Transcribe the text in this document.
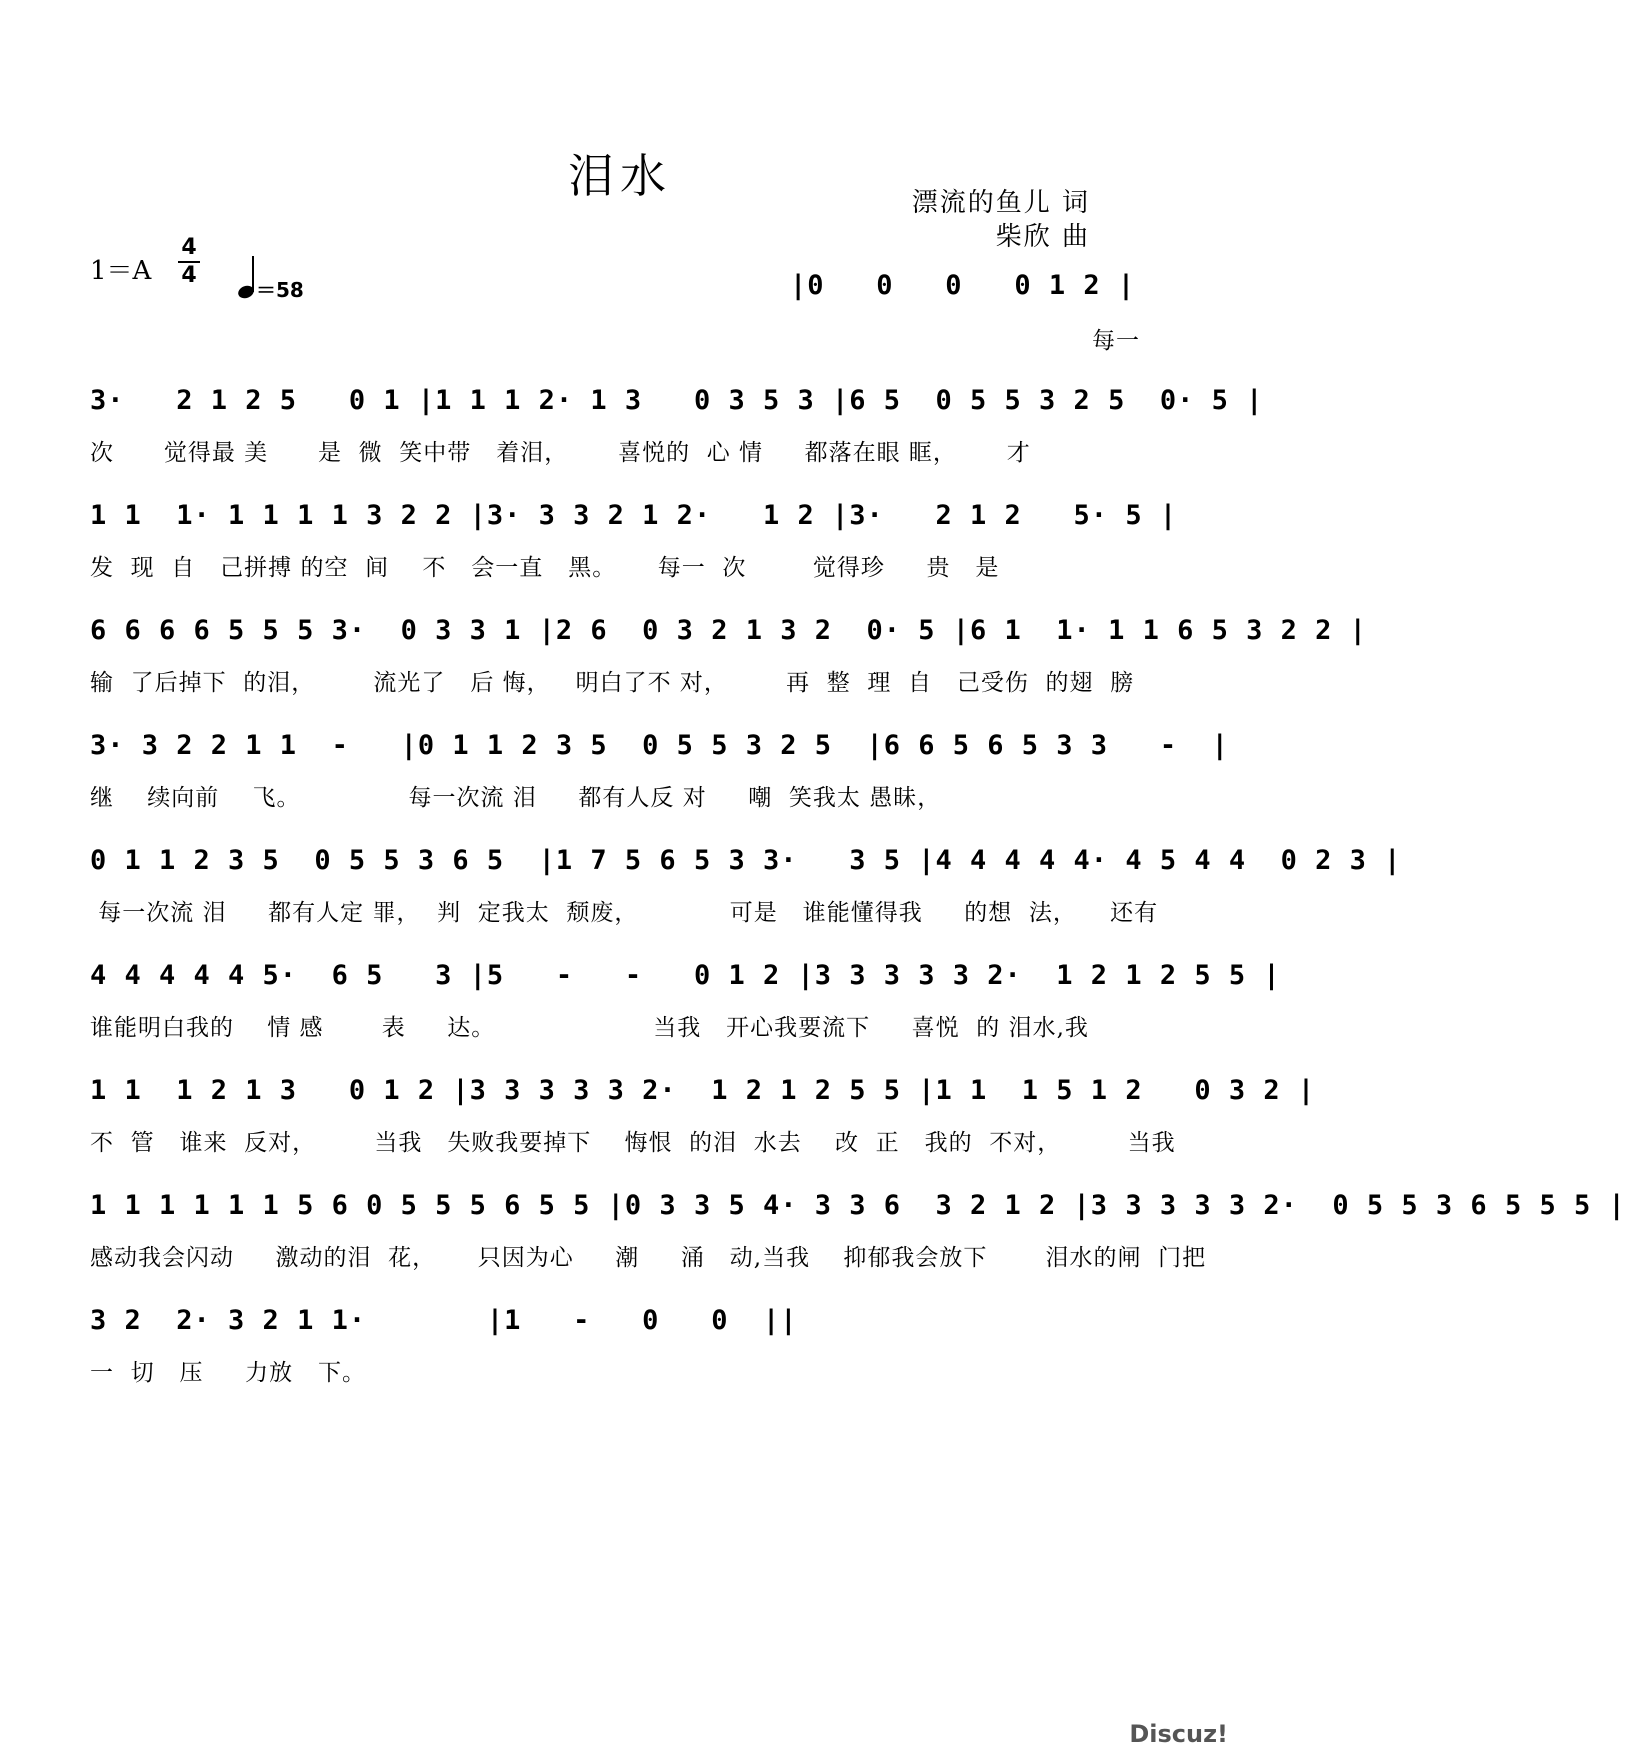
泪水	漂流的鱼儿 词
柴欣 曲
1＝A
4
4
＝58	|0   0   0   0 1 2 |
每一
3·   2 1 2 5   0 1 |1 1 1 2· 1 3   0 3 5 3 |6 5  0 5 5 3 2 5  0· 5 |
次      觉得最 美      是  微  笑中带   着泪，      喜悦的  心 情     都落在眼 眶，      才
1 1  1· 1 1 1 1 3 2 2 |3· 3 3 2 1 2·   1 2 |3·   2 1 2   5· 5 |
发  现  自   己拼搏 的空  间    不   会一直   黑。     每一  次        觉得珍     贵   是
6 6 6 6 5 5 5 3·  0 3 3 1 |2 6  0 3 2 1 3 2  0· 5 |6 1  1· 1 1 6 5 3 2 2 |
输  了后掉下  的泪，       流光了   后 悔，   明白了不 对，       再  整  理  自   己受伤  的翅  膀
3· 3 2 2 1 1  -   |0 1 1 2 3 5  0 5 5 3 2 5  |6 6 5 6 5 3 3   -  |
继    续向前    飞。             每一次流 泪     都有人反 对     嘲  笑我太 愚昧，
0 1 1 2 3 5  0 5 5 3 6 5  |1 7 5 6 5 3 3·   3 5 |4 4 4 4 4· 4 5 4 4  0 2 3 |
每一次流 泪     都有人定 罪，  判  定我太  颓废，           可是   谁能懂得我     的想  法，    还有
4 4 4 4 4 5·  6 5   3 |5   -   -   0 1 2 |3 3 3 3 3 2·  1 2 1 2 5 5 |
谁能明白我的    情 感       表     达。                   当我   开心我要流下     喜悦  的 泪水,我
1 1  1 2 1 3   0 1 2 |3 3 3 3 3 2·  1 2 1 2 5 5 |1 1  1 5 1 2   0 3 2 |
不  管   谁来  反对，       当我   失败我要掉下    悔恨  的泪  水去    改  正   我的  不对，        当我
1 1 1 1 1 1 5 6 0 5 5 5 6 5 5 |0 3 3 5 4· 3 3 6  3 2 1 2 |3 3 3 3 3 2·  0 5 5 3 6 5 5 5 |
感动我会闪动     激动的泪  花，     只因为心     潮     涌   动,当我    抑郁我会放下       泪水的闸  门把
3 2  2· 3 2 1 1·       |1   -   0   0  ||
一  切   压     力放   下。
Discuz!
